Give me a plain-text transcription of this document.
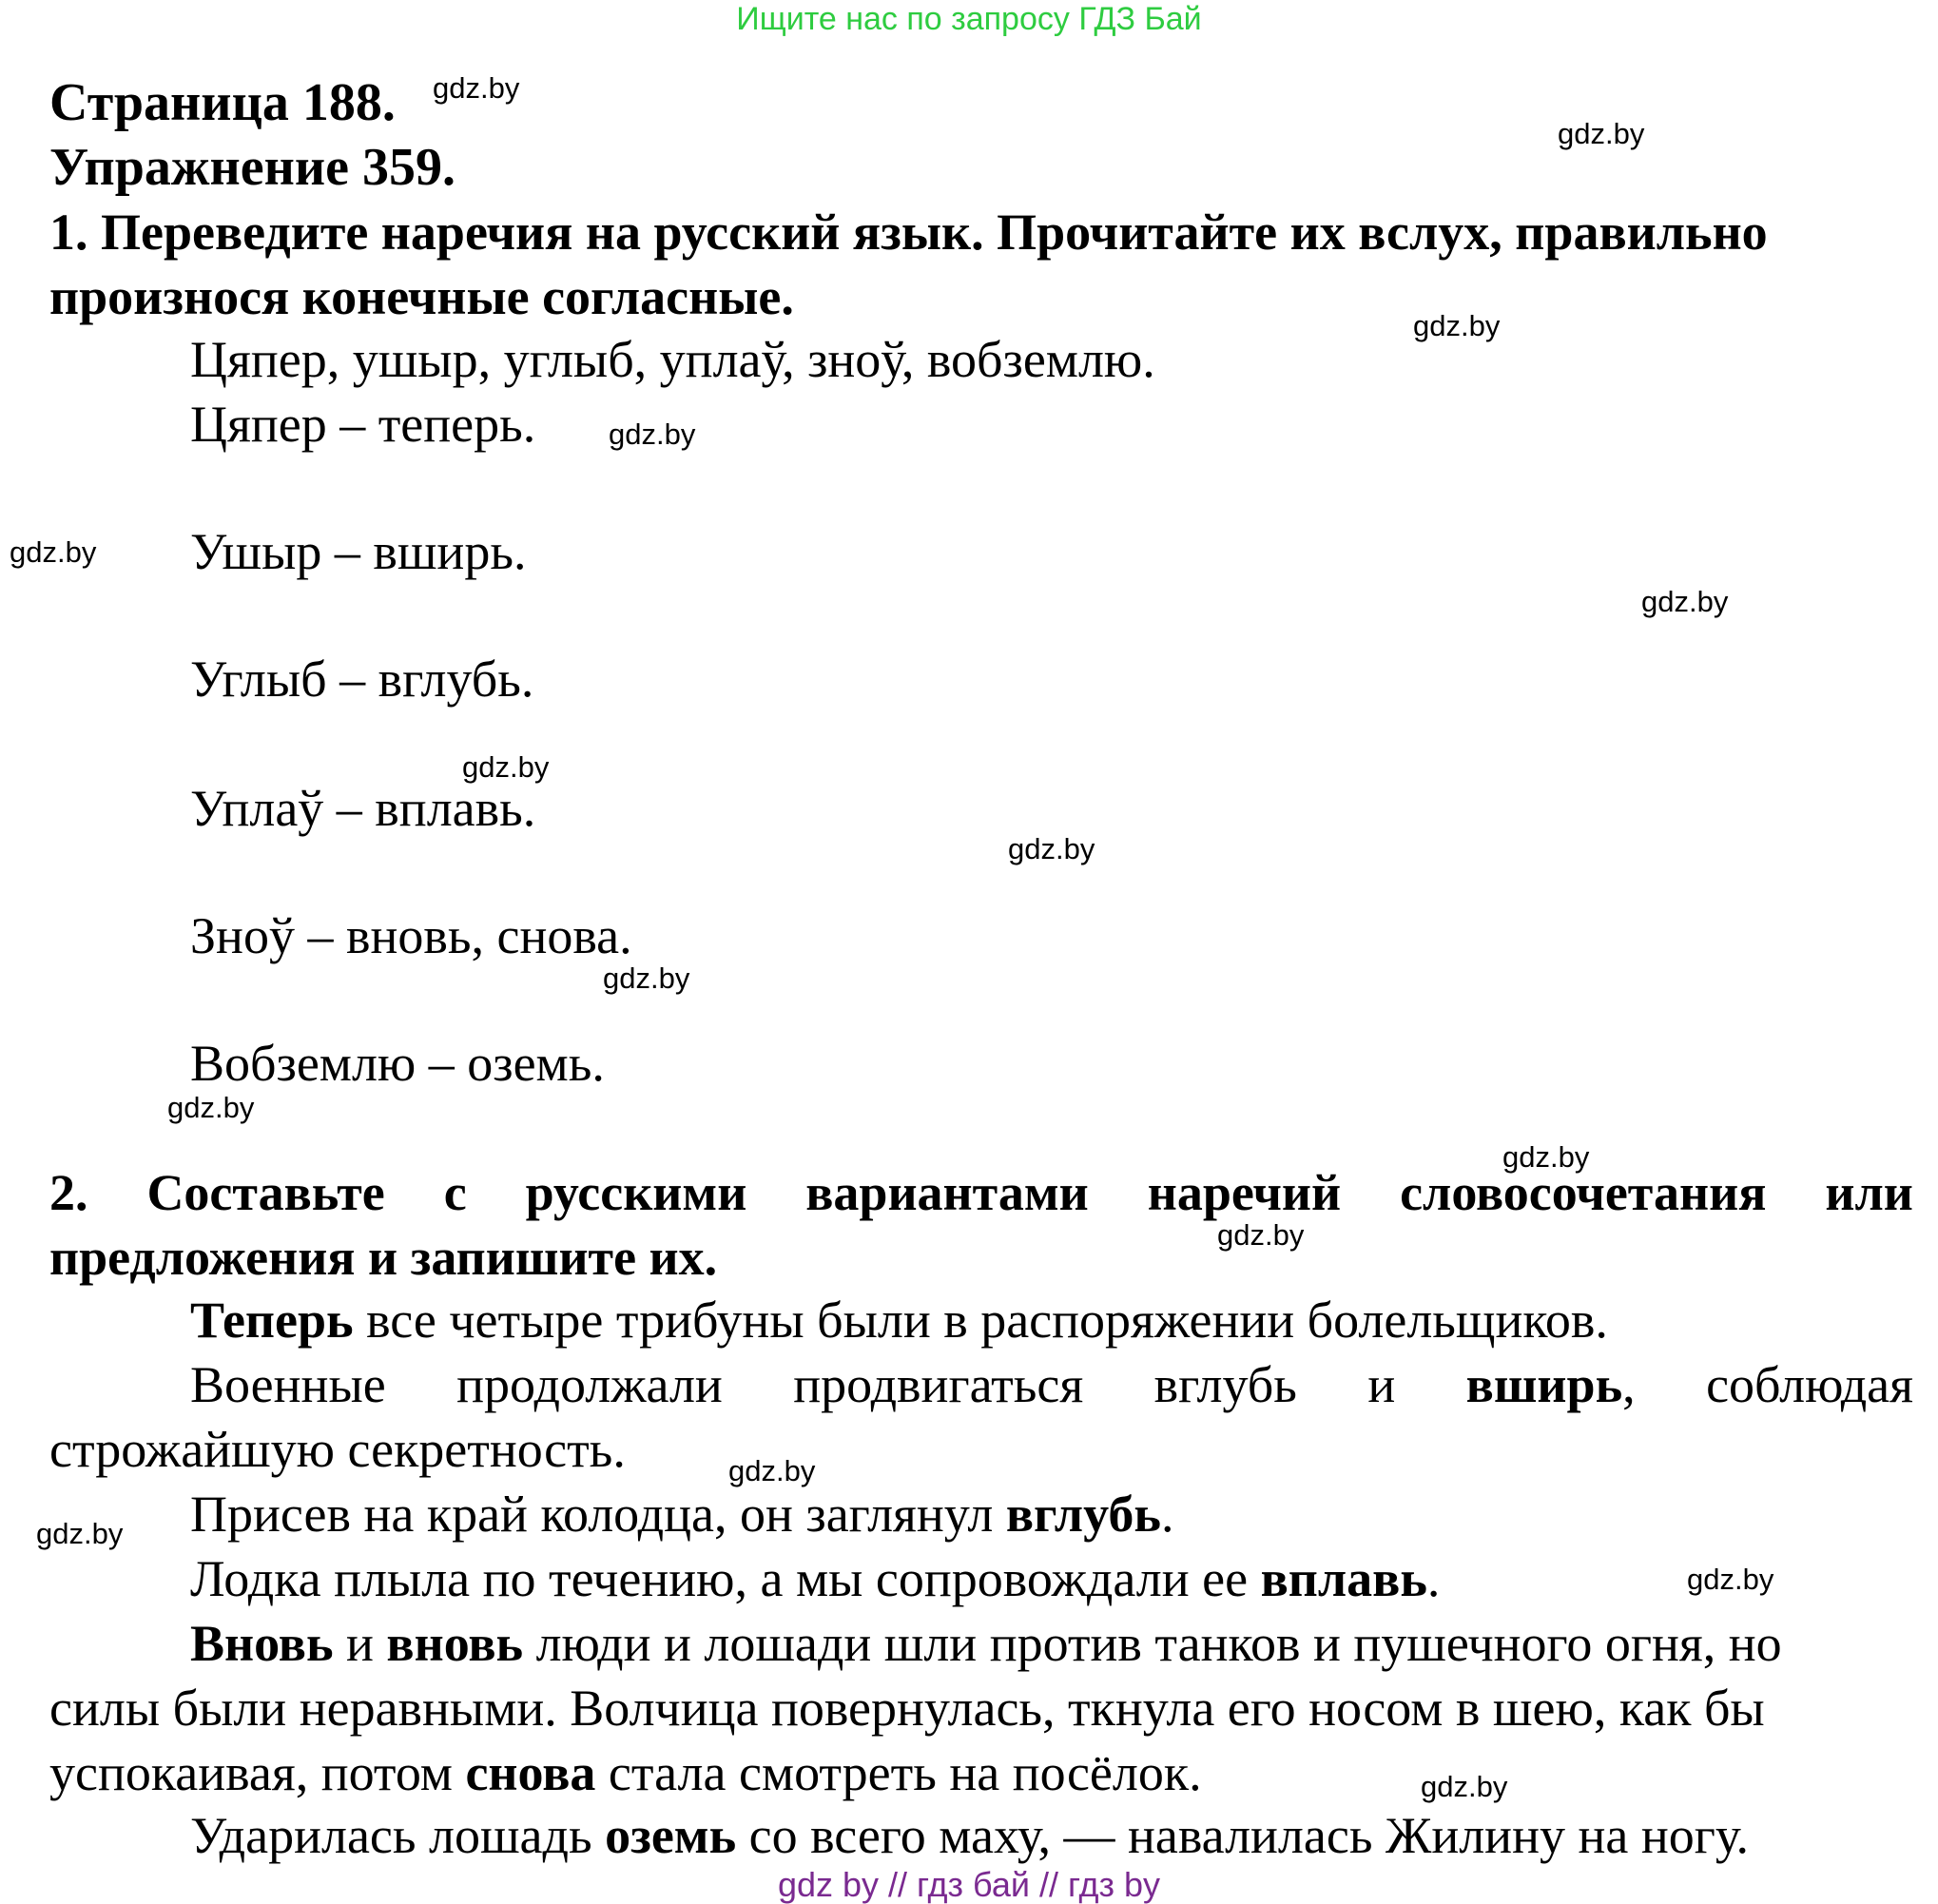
Ищите нас по запросу ГДЗ Бай
Страница 188.
Упражнение 359.
1. Переведите наречия на русский язык. Прочитайте их вслух, правильно
произнося конечные согласные.
Цяпер, ушыр, углыб, уплаў, зноў, вобземлю.
Цяпер – теперь.
Ушыр – вширь.
Углыб – вглубь.
Уплаў – вплавь.
Зноў – вновь, снова.
Вобземлю – оземь.
2. Составьте с русскими вариантами наречий словосочетания или
предложения и запишите их.
Теперь все четыре трибуны были в распоряжении болельщиков.
Военные продолжали продвигаться вглубь и вширь, соблюдая
строжайшую секретность.
Присев на край колодца, он заглянул вглубь.
Лодка плыла по течению, а мы сопровождали ее вплавь.
Вновь и вновь люди и лошади шли против танков и пушечного огня, но
силы были неравными. Волчица повернулась, ткнула его носом в шею, как бы
успокаивая, потом снова стала смотреть на посёлок.
Ударилась лошадь оземь со всего маху, — навалилась Жилину на ногу.
gdz.by
gdz.by
gdz.by
gdz.by
gdz.by
gdz.by
gdz.by
gdz.by
gdz.by
gdz.by
gdz.by
gdz.by
gdz.by
gdz.by
gdz.by
gdz.by
gdz by // гдз бай // гдз by
